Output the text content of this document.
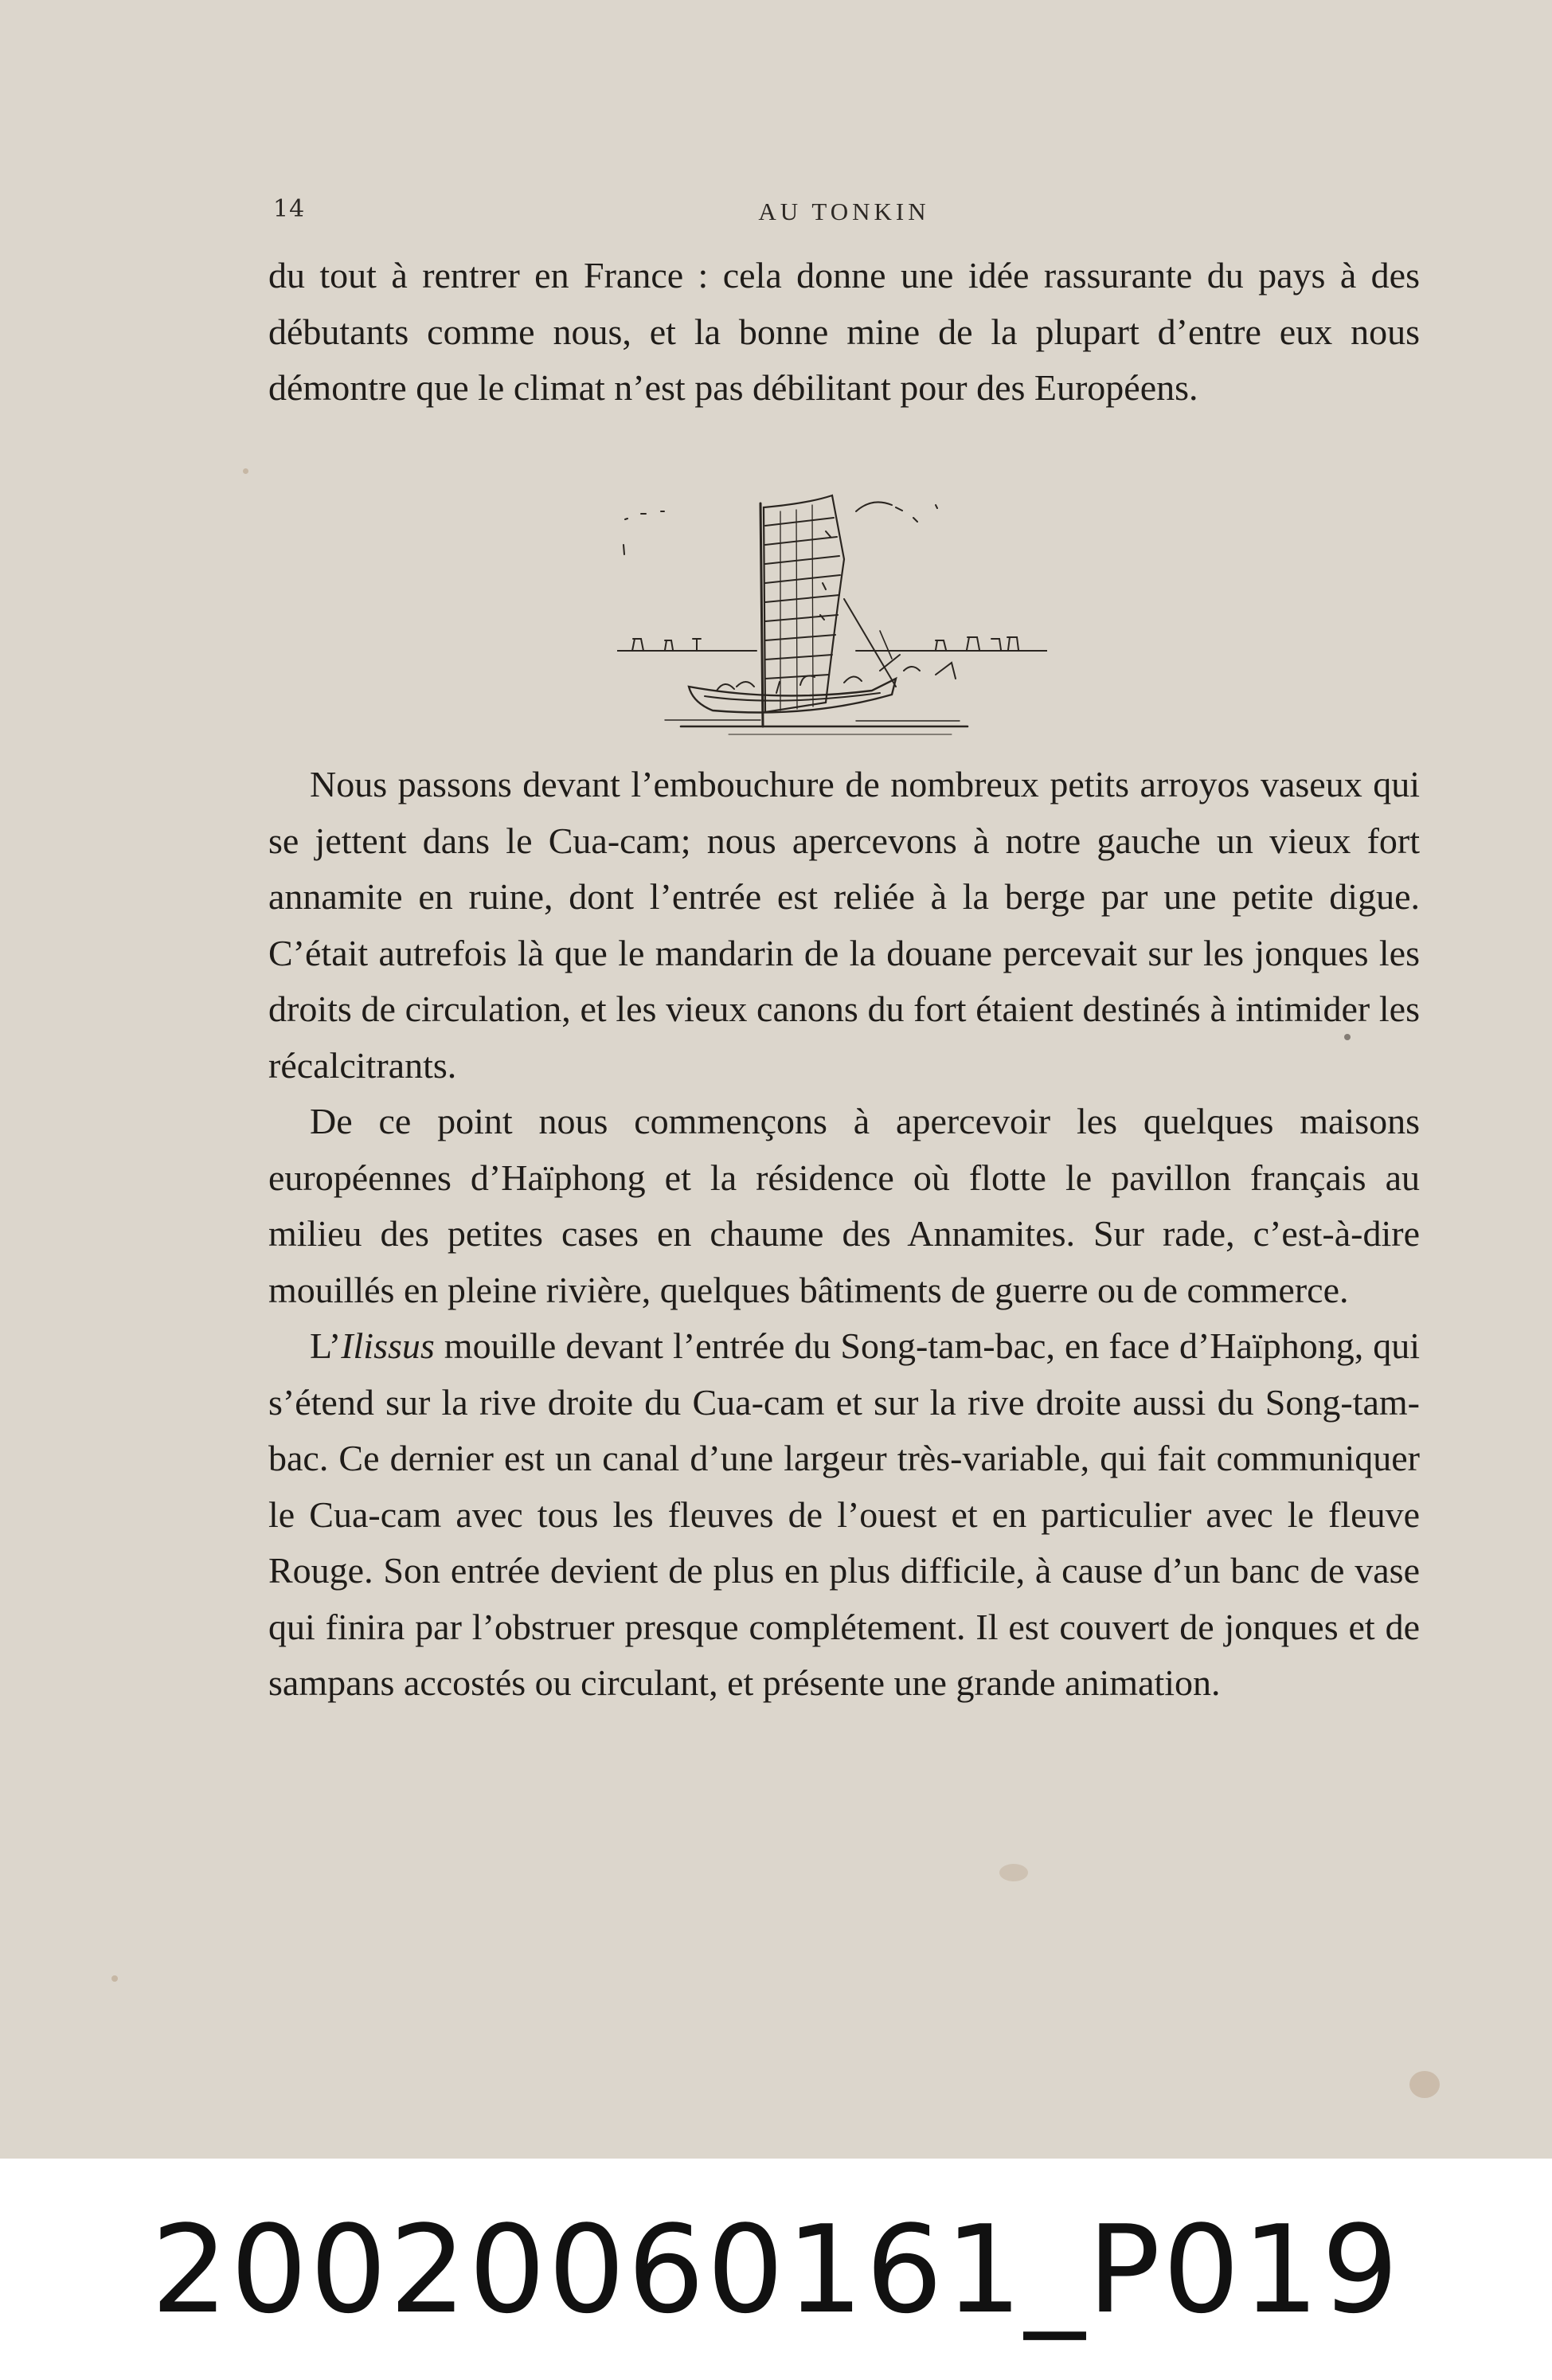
14	AU TONKIN

du tout à rentrer en France : cela donne une idée rassurante du pays à des débutants comme nous, et la bonne mine de la plupart d’entre eux nous démontre que le climat n’est pas débilitant pour des Européens.

Nous passons devant l’embouchure de nombreux petits arroyos vaseux qui se jettent dans le Cua-cam; nous apercevons à notre gauche un vieux fort annamite en ruine, dont l’entrée est reliée à la berge par une petite digue. C’était autrefois là que le mandarin de la douane percevait sur les jonques les droits de circulation, et les vieux canons du fort étaient destinés à intimider les récalcitrants.

De ce point nous commençons à apercevoir les quelques maisons européennes d’Haïphong et la résidence où flotte le pavillon français au milieu des petites cases en chaume des Annamites. Sur rade, c’est-à-dire mouillés en pleine rivière, quelques bâtiments de guerre ou de commerce.

L’Ilissus mouille devant l’entrée du Song-tam-bac, en face d’Haïphong, qui s’étend sur la rive droite du Cua-cam et sur la rive droite aussi du Song-tam-bac. Ce dernier est un canal d’une largeur très-variable, qui fait communiquer le Cua-cam avec tous les fleuves de l’ouest et en particulier avec le fleuve Rouge. Son entrée devient de plus en plus difficile, à cause d’un banc de vase qui finira par l’obstruer presque complétement. Il est couvert de jonques et de sampans accostés ou circulant, et présente une grande animation.

20020060161_P019
